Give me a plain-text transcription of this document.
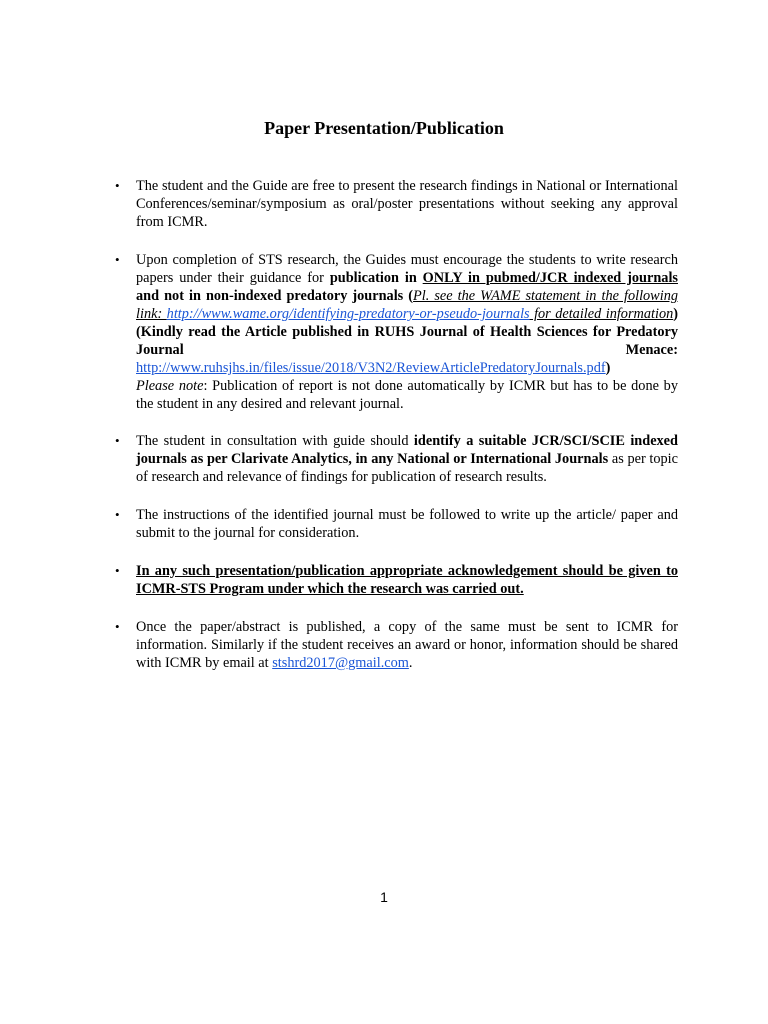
Paper Presentation/Publication
• The student and the Guide are free to present the research findings in National or International Conferences/seminar/symposium as oral/poster presentations without seeking any approval from ICMR.
• Upon completion of STS research, the Guides must encourage the students to write research papers under their guidance for publication in ONLY in pubmed/JCR indexed journals and not in non-indexed predatory journals (Pl. see the WAME statement in the following link: http://www.wame.org/identifying-predatory-or-pseudo-journals for detailed information) (Kindly read the Article published in RUHS Journal of Health Sciences for Predatory Journal Menace: http://www.ruhsjhs.in/files/issue/2018/V3N2/ReviewArticlePredatoryJournals.pdf)
Please note: Publication of report is not done automatically by ICMR but has to be done by the student in any desired and relevant journal.
• The student in consultation with guide should identify a suitable JCR/SCI/SCIE indexed journals as per Clarivate Analytics, in any National or International Journals as per topic of research and relevance of findings for publication of research results.
• The instructions of the identified journal must be followed to write up the article/ paper and submit to the journal for consideration.
• In any such presentation/publication appropriate acknowledgement should be given to ICMR-STS Program under which the research was carried out.
• Once the paper/abstract is published, a copy of the same must be sent to ICMR for information. Similarly if the student receives an award or honor, information should be shared with ICMR by email at stshrd2017@gmail.com.
1
